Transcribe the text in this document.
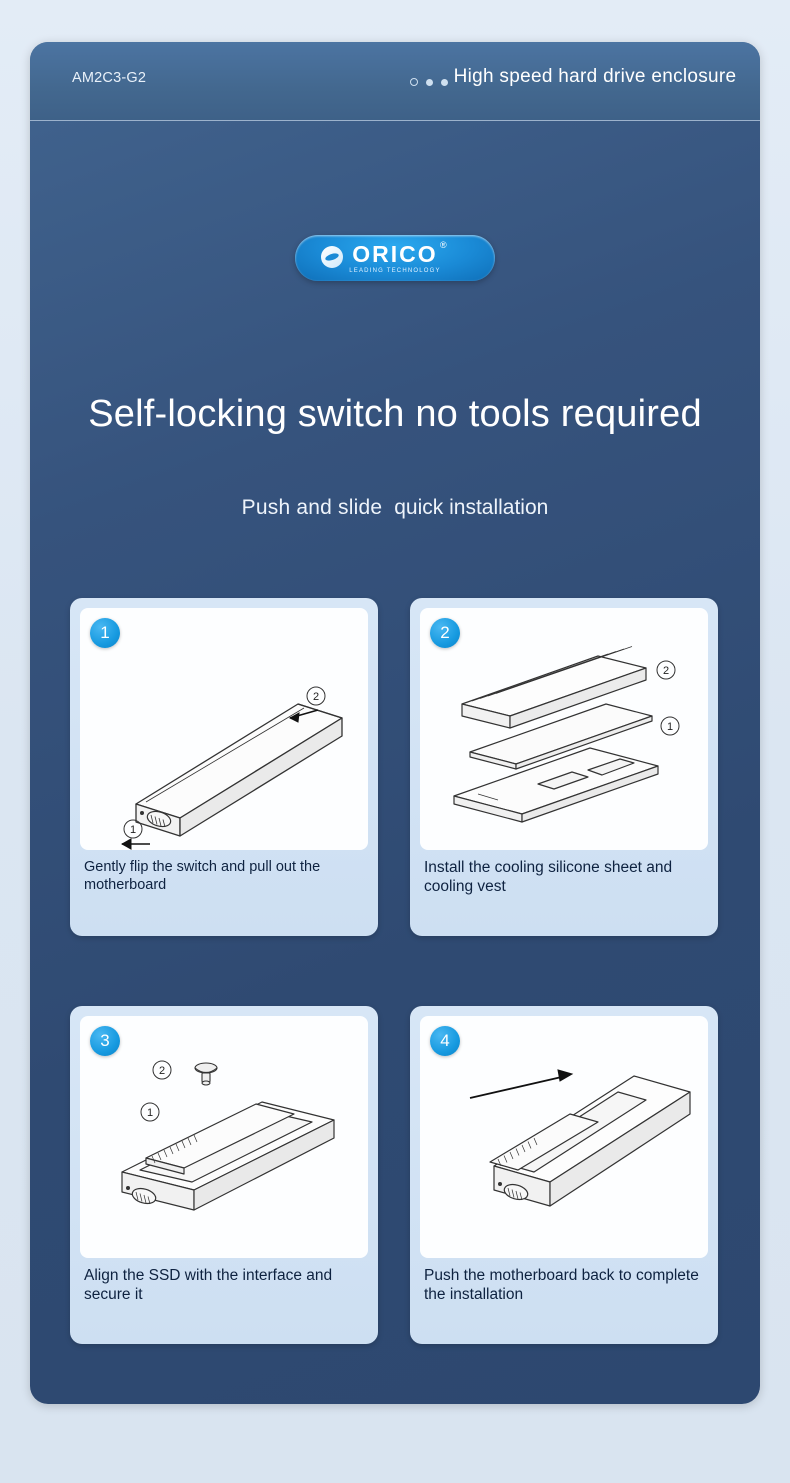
AM2C3-G2	High speed hard drive enclosure
ORICO ®
LEADING TECHNOLOGY
Self-locking switch no tools required
Push and slide quick installation
1
2
1
Gently flip the switch and pull out the motherboard
2
2
1
Install the cooling silicone sheet and cooling vest
3
2
1
Align the SSD with the interface and secure it
4
Push the motherboard back to complete the installation
